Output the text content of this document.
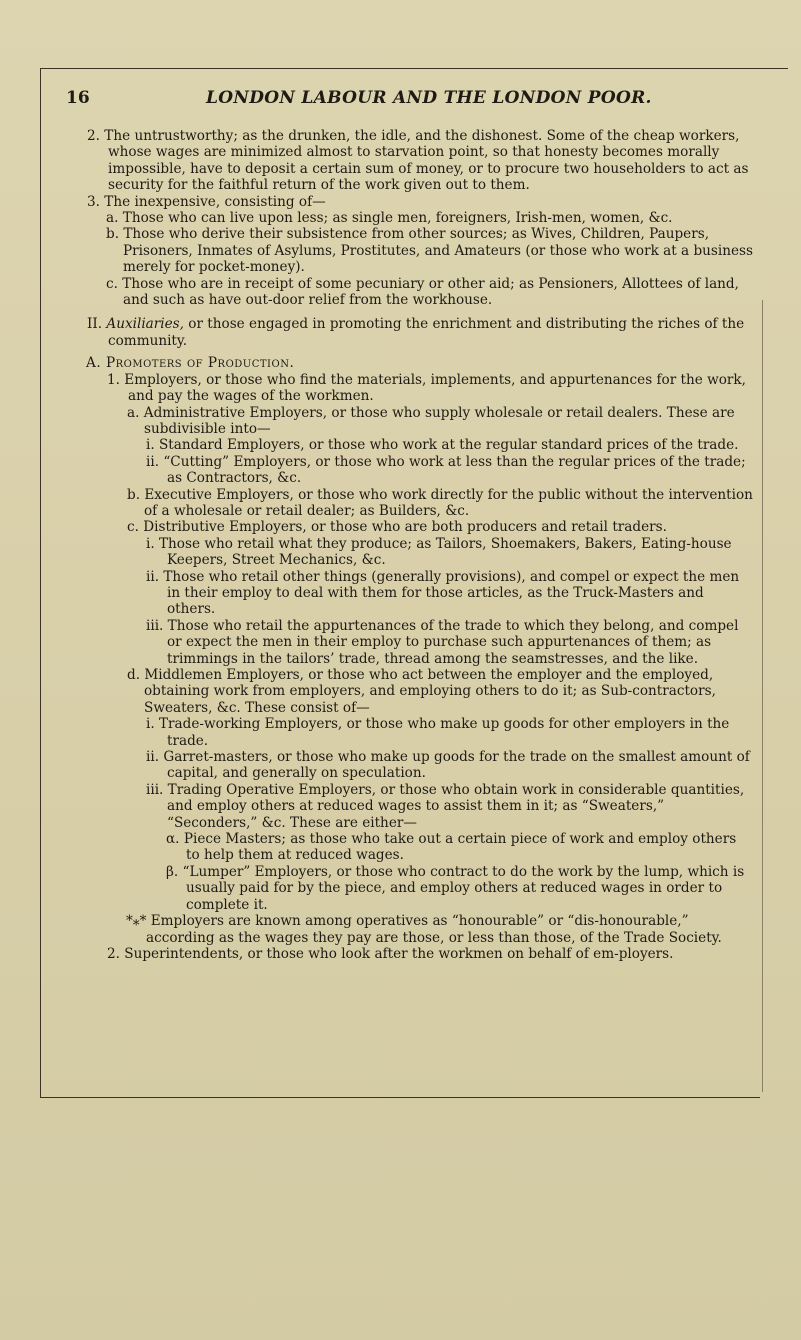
16	LONDON LABOUR AND THE LONDON POOR.

2. The untrustworthy; as the drunken, the idle, and the dishonest. Some of the cheap workers, whose wages are minimized almost to starvation point, so that honesty becomes morally impossible, have to deposit a certain sum of money, or to procure two householders to act as security for the faithful return of the work given out to them.

3. The inexpensive, consisting of—

a. Those who can live upon less; as single men, foreigners, Irish-men, women, &c.

b. Those who derive their subsistence from other sources; as Wives, Children, Paupers, Prisoners, Inmates of Asylums, Prostitutes, and Amateurs (or those who work at a business merely for pocket-money).

c. Those who are in receipt of some pecuniary or other aid; as Pensioners, Allottees of land, and such as have out-door relief from the workhouse.

II. Auxiliaries, or those engaged in promoting the enrichment and distributing the riches of the community.

A. Promoters of Production.

1. Employers, or those who find the materials, implements, and appurtenances for the work, and pay the wages of the workmen.

a. Administrative Employers, or those who supply wholesale or retail dealers. These are subdivisible into—

i. Standard Employers, or those who work at the regular standard prices of the trade.

ii. “Cutting” Employers, or those who work at less than the regular prices of the trade; as Contractors, &c.

b. Executive Employers, or those who work directly for the public without the intervention of a wholesale or retail dealer; as Builders, &c.

c. Distributive Employers, or those who are both producers and retail traders.

i. Those who retail what they produce; as Tailors, Shoemakers, Bakers, Eating-house Keepers, Street Mechanics, &c.

ii. Those who retail other things (generally provisions), and compel or expect the men in their employ to deal with them for those articles, as the Truck-Masters and others.

iii. Those who retail the appurtenances of the trade to which they belong, and compel or expect the men in their employ to purchase such appurtenances of them; as trimmings in the tailors’ trade, thread among the seamstresses, and the like.

d. Middlemen Employers, or those who act between the employer and the employed, obtaining work from employers, and employing others to do it; as Sub-contractors, Sweaters, &c. These consist of—

i. Trade-working Employers, or those who make up goods for other employers in the trade.

ii. Garret-masters, or those who make up goods for the trade on the smallest amount of capital, and generally on speculation.

iii. Trading Operative Employers, or those who obtain work in considerable quantities, and employ others at reduced wages to assist them in it; as “Sweaters,” “Seconders,” &c. These are either—

α. Piece Masters; as those who take out a certain piece of work and employ others to help them at reduced wages.

β. “Lumper” Employers, or those who contract to do the work by the lump, which is usually paid for by the piece, and employ others at reduced wages in order to complete it.

*⁎* Employers are known among operatives as “honourable” or “dis-honourable,” according as the wages they pay are those, or less than those, of the Trade Society.

2. Superintendents, or those who look after the workmen on behalf of em-ployers.
